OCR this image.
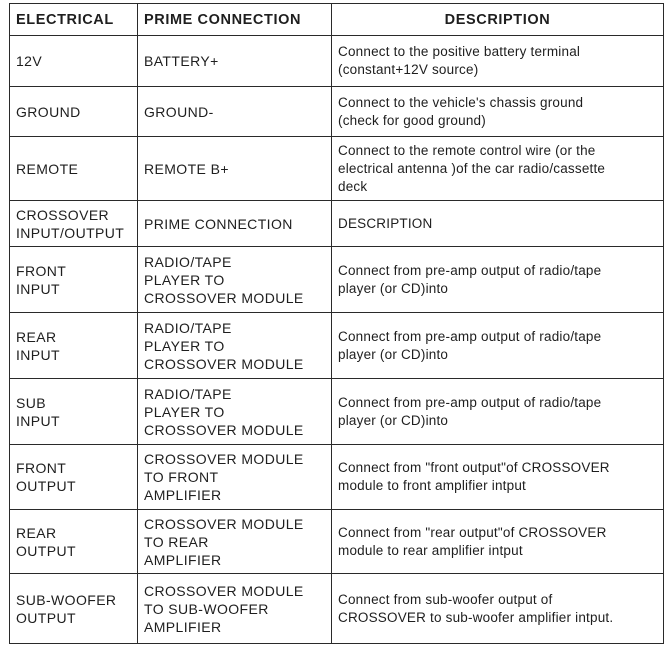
ELECTRICAL	PRIME CONNECTION	DESCRIPTION

12V	BATTERY+	Connect to the positive battery terminal
(constant+12V source)

GROUND	GROUND-	Connect to the vehicle's chassis ground
(check for good ground)

REMOTE	REMOTE B+	Connect to the remote control wire (or the
electrical antenna )of the car radio/cassette
deck

CROSSOVER
INPUT/OUTPUT	PRIME CONNECTION	DESCRIPTION

FRONT
INPUT	RADIO/TAPE
PLAYER TO
CROSSOVER MODULE	Connect from pre-amp output of radio/tape
player (or CD)into

REAR
INPUT	RADIO/TAPE
PLAYER TO
CROSSOVER MODULE	Connect from pre-amp output of radio/tape
player (or CD)into

SUB
INPUT	RADIO/TAPE
PLAYER TO
CROSSOVER MODULE	Connect from pre-amp output of radio/tape
player (or CD)into

FRONT
OUTPUT	CROSSOVER MODULE
TO FRONT
AMPLIFIER	Connect from "front output"of CROSSOVER
module to front amplifier intput

REAR
OUTPUT	CROSSOVER MODULE
TO REAR
AMPLIFIER	Connect from "rear output"of CROSSOVER
module to rear amplifier intput

SUB-WOOFER
OUTPUT	CROSSOVER MODULE
TO SUB-WOOFER
AMPLIFIER	Connect from sub-woofer output of
CROSSOVER to sub-woofer amplifier intput.
